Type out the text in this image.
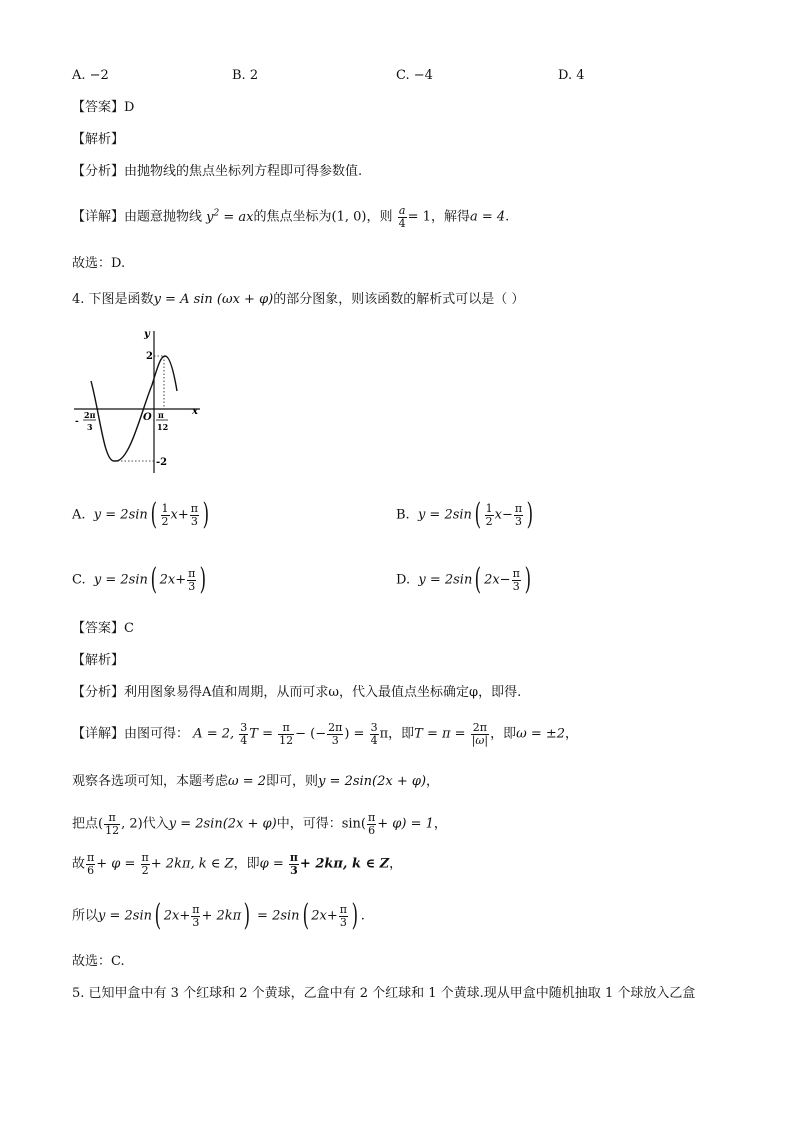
A. −2	B. 2	C. −4	D. 4
【答案】D
【解析】
【分析】由抛物线的焦点坐标列方程即可得参数值.
【详解】由题意抛物线 $y^2$ = ax的焦点坐标为(1, 0)，则 $\frac{a}{4} = 1$，解得a = 4.
故选：D.
4. 下图是函数y = A sin (ωx + φ)的部分图象，则该函数的解析式可以是（ ）
y
x
O
2
-2
-
2π
3
π
12
A. $y = 2\sin( \frac{1}{2} x+ \frac{\pi}{3}$ )	B. $y = 2\sin( \frac{1}{2} x- \frac{\pi}{3}$ )
C. y = 2sin( $2x+ \frac{\pi}{3}$ )	D. y = 2sin( $2x- \frac{\pi}{3}$ )
【答案】C
【解析】
【分析】利用图象易得A值和周期，从而可求ω，代入最值点坐标确定φ，即得.
【详解】由图可得： A = 2, $\frac{3}{4}$ $T = \frac{\pi}{12}$ − (− $\frac{2\pi}{3}$ ) = $\frac{3}{4}$ π，即$T = \pi = \frac{2\pi}{|\omega|}$ ，即ω = ±2，
观察各选项可知，本题考虑ω = 2即可，则y = 2sin(2x + φ)，
把点( $\frac{\pi}{12}$ , 2)代入y = 2sin(2x + φ)中，可得：$\sin( \frac{\pi}{6} + \varphi) = 1$，
故 $\frac{\pi}{6} + \varphi = \frac{\pi}{2} + 2k\pi$, k ∈ Z，即$\varphi = \frac{\pi}{3} + 2k\pi$, k ∈ Z，
所以y = 2sin( $2x+ \frac{\pi}{3} + 2k\pi) = 2\sin$( $2x+ \frac{\pi}{3}$ ) .
故选：C.
5. 已知甲盒中有 3 个红球和 2 个黄球，乙盒中有 2 个红球和 1 个黄球.现从甲盒中随机抽取 1 个球放入乙盒
